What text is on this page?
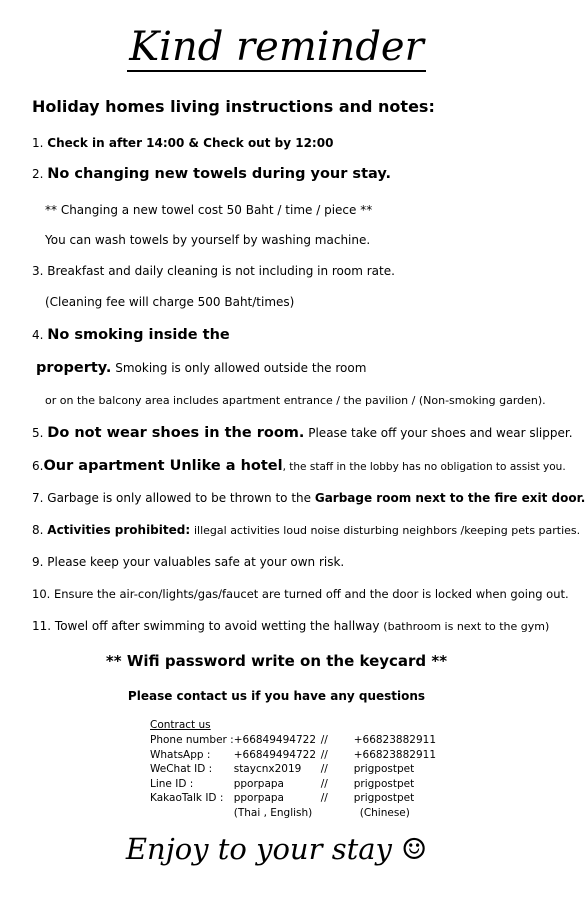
Kind reminder
Holiday homes living instructions and notes:
1. Check in after 14:00 & Check out by 12:00
2. No changing new towels during your stay.
** Changing a new towel cost 50 Baht / time / piece **
You can wash towels by yourself by washing machine.
3. Breakfast and daily cleaning is not including in room rate.
(Cleaning fee will charge 500 Baht/times)
4. No smoking inside the
property. Smoking is only allowed outside the room
or on the balcony area includes apartment entrance / the pavilion / (Non-smoking garden).
5. Do not wear shoes in the room. Please take off your shoes and wear slipper.
6.Our apartment Unlike a hotel, the staff in the lobby has no obligation to assist you.
7. Garbage is only allowed to be thrown to the Garbage room next to the fire exit door.
8. Activities prohibited: illegal activities loud noise disturbing neighbors /keeping pets parties.
9. Please keep your valuables safe at your own risk.
10. Ensure the air-con/lights/gas/faucet are turned off and the door is locked when going out.
11. Towel off after swimming to avoid wetting the hallway (bathroom is next to the gym)
** Wifi password write on the keycard **
Please contact us if you have any questions
Contract us
Phone number :	+66849494722	//	+66823882911
WhatsApp :	+66849494722	//	+66823882911
WeChat ID :	staycnx2019	//	prigpostpet
Line ID :	pporpapa	//	prigpostpet
KakaoTalk ID :	pporpapa	//	prigpostpet
	(Thai , English)		(Chinese)
Enjoy to your stay ☺
